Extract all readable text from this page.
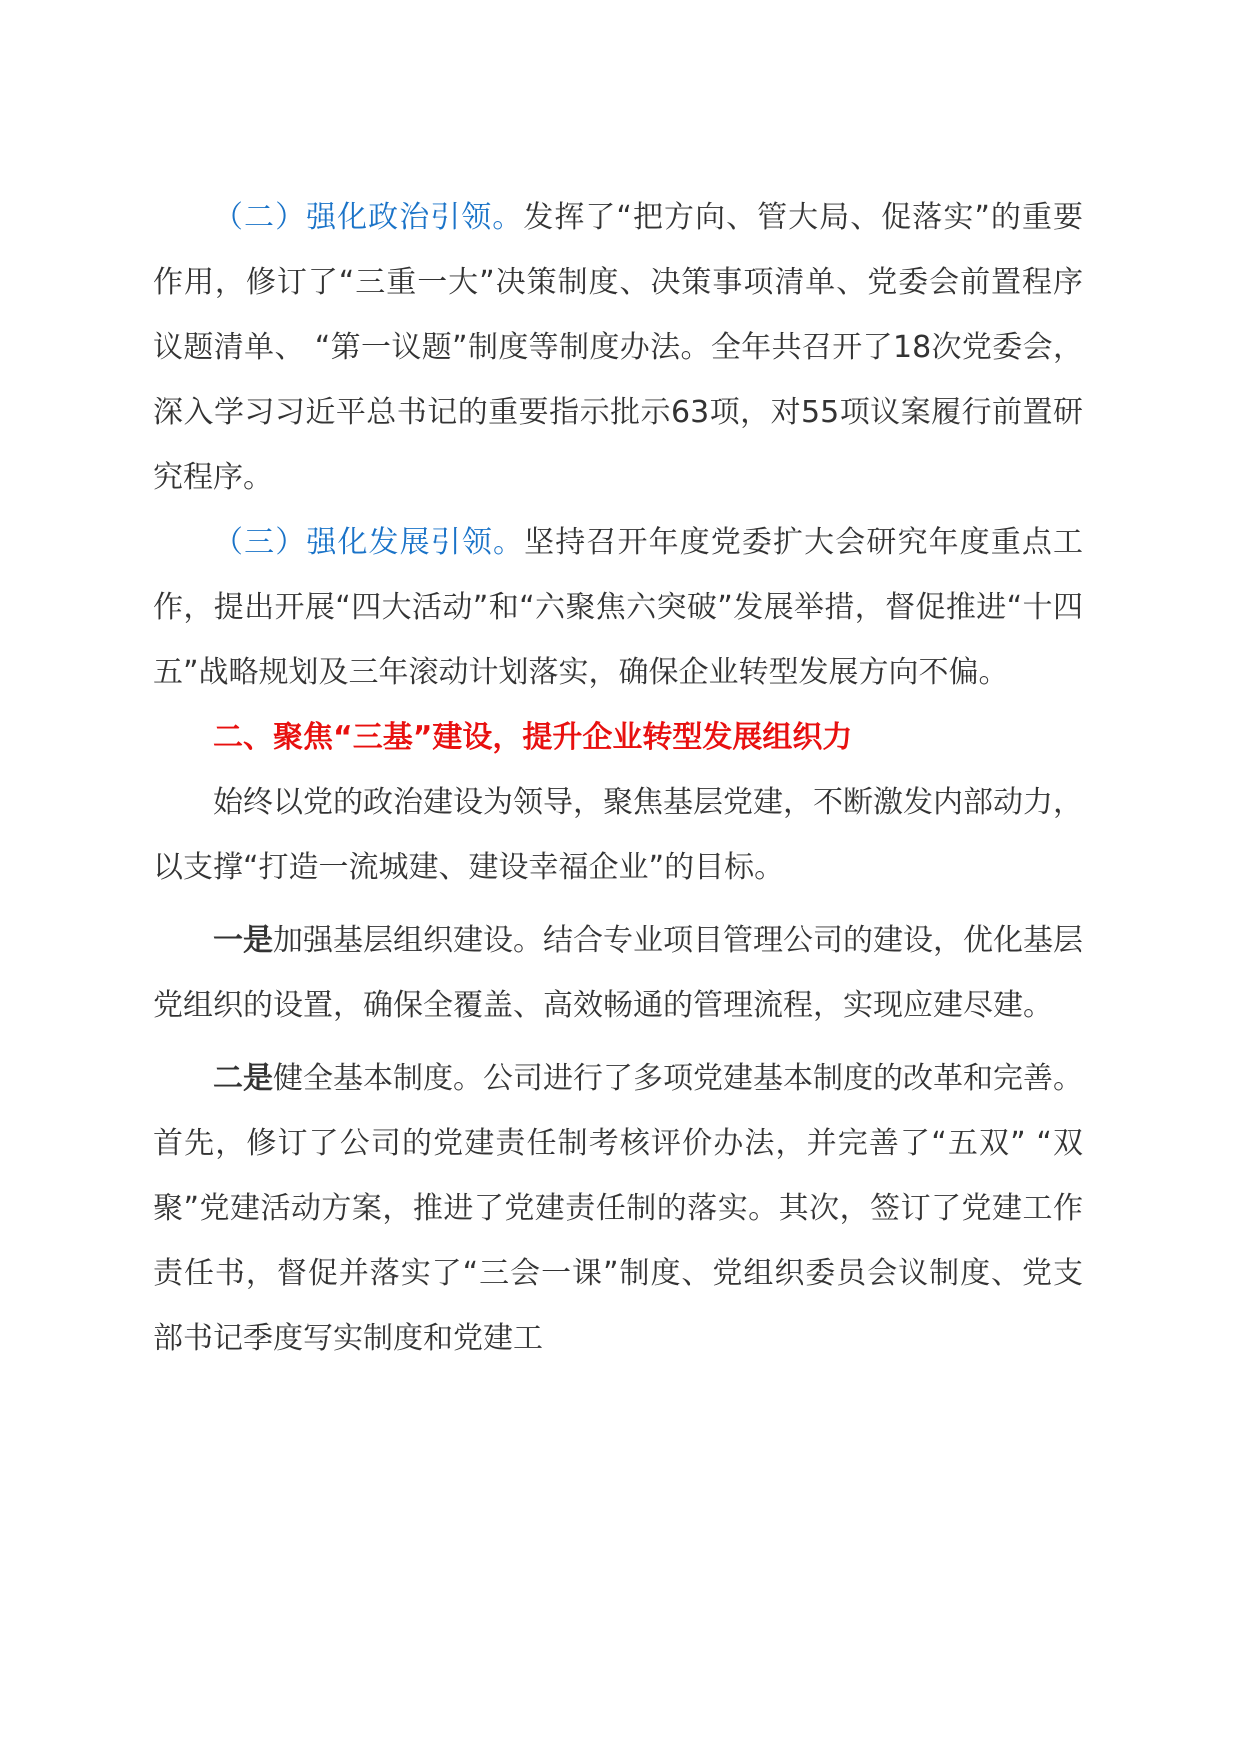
（二）强化政治引领。发挥了“把方向、管大局、促落实”的重要作用，修订了“三重一大”决策制度、决策事项清单、党委会前置程序议题清单、 “第一议题”制度等制度办法。全年共召开了18次党委会，深入学习习近平总书记的重要指示批示63项，对55项议案履行前置研究程序。

（三）强化发展引领。坚持召开年度党委扩大会研究年度重点工作，提出开展“四大活动”和“六聚焦六突破”发展举措，督促推进“十四五”战略规划及三年滚动计划落实，确保企业转型发展方向不偏。

二、聚焦“三基”建设，提升企业转型发展组织力

始终以党的政治建设为领导，聚焦基层党建，不断激发内部动力，以支撑“打造一流城建、建设幸福企业”的目标。

一是加强基层组织建设。结合专业项目管理公司的建设，优化基层党组织的设置，确保全覆盖、高效畅通的管理流程，实现应建尽建。

二是健全基本制度。公司进行了多项党建基本制度的改革和完善。首先，修订了公司的党建责任制考核评价办法，并完善了“五双” “双聚”党建活动方案，推进了党建责任制的落实。其次，签订了党建工作责任书，督促并落实了“三会一课”制度、党组织委员会议制度、党支部书记季度写实制度和党建工
